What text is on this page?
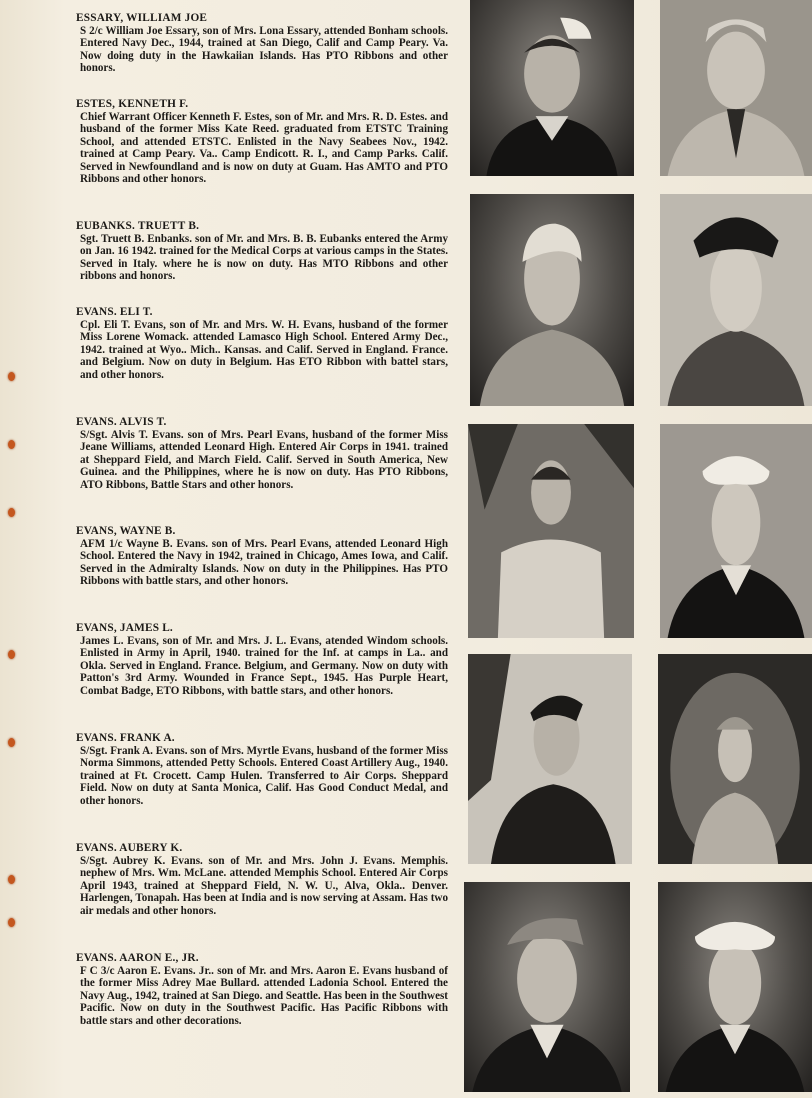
ESSARY, WILLIAM JOE

S 2/c William Joe Essary, son of Mrs. Lona Essary, attended Bonham schools. Entered Navy Dec., 1944, trained at San Diego, Calif and Camp Peary. Va. Now doing duty in the Hawkaiian Islands. Has PTO Ribbons and other honors.

ESTES, KENNETH F.

Chief Warrant Officer Kenneth F. Estes, son of Mr. and Mrs. R. D. Estes. and husband of the former Miss Kate Reed. graduated from ETSTC Training School, and attended ETSTC. Enlisted in the Navy Seabees Nov., 1942. trained at Camp Peary. Va.. Camp Endicott. R. I., and Camp Parks. Calif. Served in Newfoundland and is now on duty at Guam. Has AMTO and PTO Ribbons and other honors.

EUBANKS. TRUETT B.

Sgt. Truett B. Enbanks. son of Mr. and Mrs. B. B. Eubanks entered the Army on Jan. 16 1942. trained for the Medical Corps at various camps in the States. Served in Italy. where he is now on duty. Has MTO Ribbons and other ribbons and honors.

EVANS. ELI T.

Cpl. Eli T. Evans, son of Mr. and Mrs. W. H. Evans, husband of the former Miss Lorene Womack. attended Lamasco High School. Entered Army Dec., 1942. trained at Wyo.. Mich.. Kansas. and Calif. Served in England. France. and Belgium. Now on duty in Belgium. Has ETO Ribbon with battel stars, and other honors.

EVANS. ALVIS T.

S/Sgt. Alvis T. Evans. son of Mrs. Pearl Evans, husband of the former Miss Jeane Williams, attended Leonard High. Entered Air Corps in 1941. trained at Sheppard Field, and March Field. Calif. Served in South America, New Guinea. and the Philippines, where he is now on duty. Has PTO Ribbons, ATO Ribbons, Battle Stars and other honors.

EVANS, WAYNE B.

AFM 1/c Wayne B. Evans. son of Mrs. Pearl Evans, attended Leonard High School. Entered the Navy in 1942, trained in Chicago, Ames Iowa, and Calif. Served in the Admiralty Islands. Now on duty in the Philippines. Has PTO Ribbons with battle stars, and other honors.

EVANS, JAMES L.

James L. Evans, son of Mr. and Mrs. J. L. Evans, atended Windom schools. Enlisted in Army in April, 1940. trained for the Inf. at camps in La.. and Okla. Served in England. France. Belgium, and Germany. Now on duty with Patton's 3rd Army. Wounded in France Sept., 1945. Has Purple Heart, Combat Badge, ETO Ribbons, with battle stars, and other honors.

EVANS. FRANK A.

S/Sgt. Frank A. Evans. son of Mrs. Myrtle Evans, husband of the former Miss Norma Simmons, attended Petty Schools. Entered Coast Artillery Aug., 1940. trained at Ft. Crocett. Camp Hulen. Transferred to Air Corps. Sheppard Field. Now on duty at Santa Monica, Calif. Has Good Conduct Medal, and other honors.

EVANS. AUBERY K.

S/Sgt. Aubrey K. Evans. son of Mr. and Mrs. John J. Evans. Memphis. nephew of Mrs. Wm. McLane. attended Memphis School. Entered Air Corps April 1943, trained at Sheppard Field, N. W. U., Alva, Okla.. Denver. Harlengen, Tonapah. Has been at India and is now serving at Assam. Has two air medals and other honors.

EVANS. AARON E., JR.

F C 3/c Aaron E. Evans. Jr.. son of Mr. and Mrs. Aaron E. Evans husband of the former Miss Adrey Mae Bullard. attended Ladonia School. Entered the Navy Aug., 1942, trained at San Diego. and Seattle. Has been in the Southwest Pacific. Now on duty in the Southwest Pacific. Has Pacific Ribbons with battle stars and other decorations.
